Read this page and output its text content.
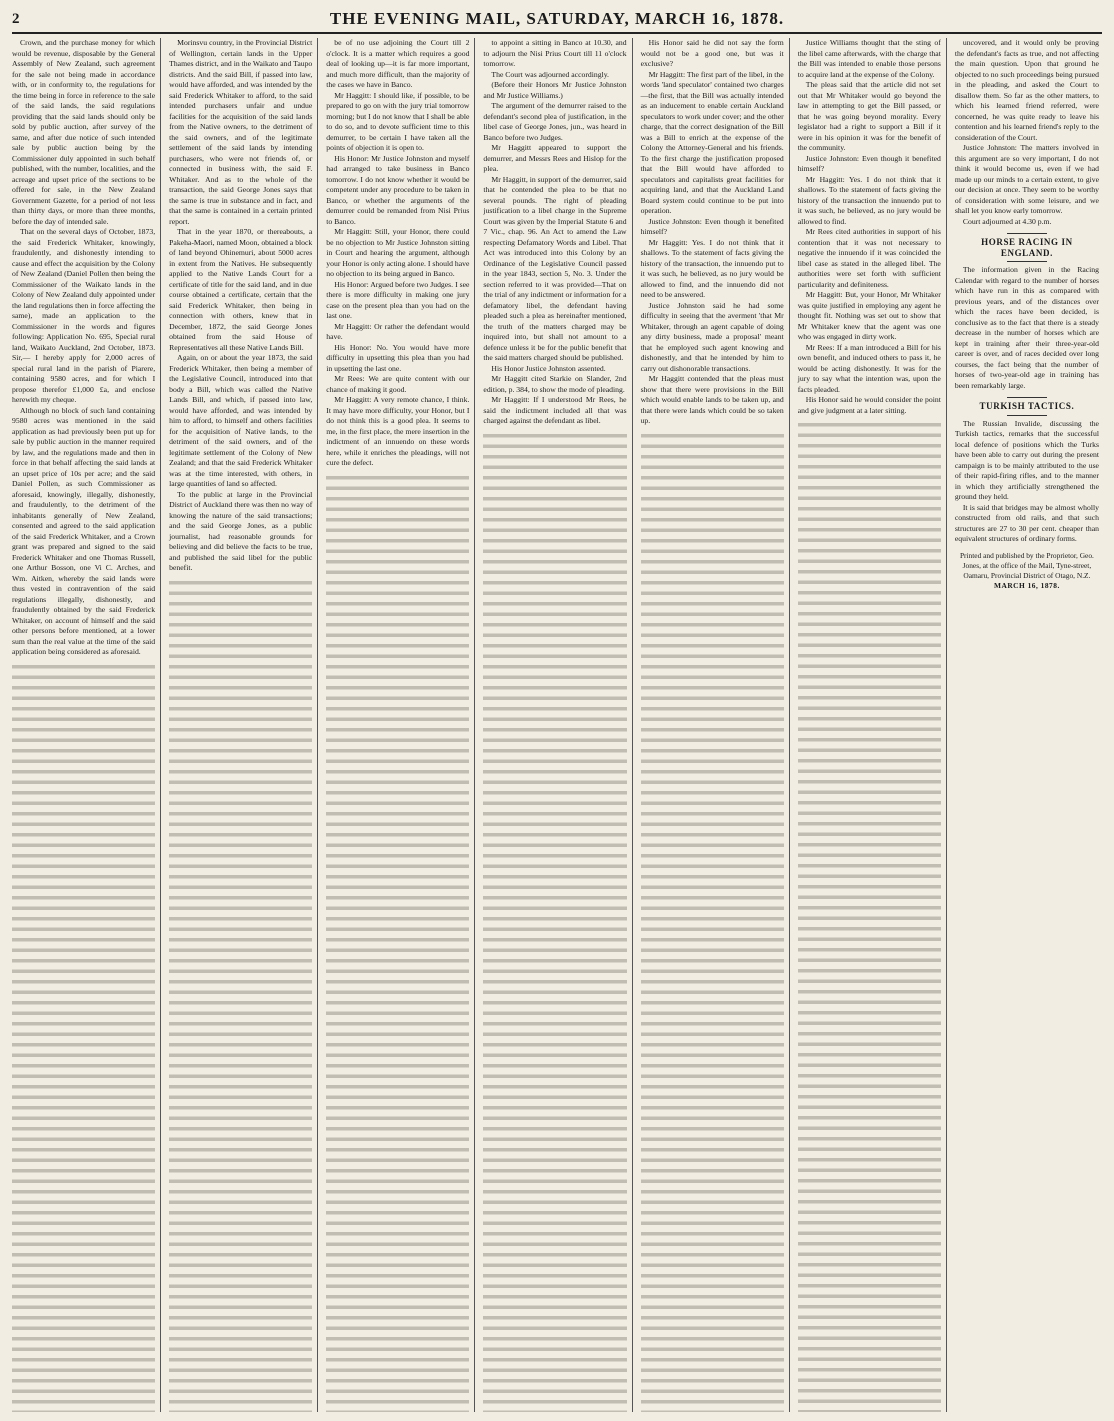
2	THE EVENING MAIL, SATURDAY, MARCH 16, 1878.

Crown, and the purchase money for which would be revenue, disposable by the General Assembly of New Zealand, such agreement for the sale not being made in accordance with, or in conformity to, the regulations for the time being in force in reference to the sale of the said lands, the said regulations providing that the said lands should only be sold by public auction, after survey of the same, and after due notice of such intended sale by public auction being by the Commissioner duly appointed in such behalf published, with the number, localities, and the acreage and upset price of the sections to be offered for sale, in the New Zealand Government Gazette, for a period of not less than thirty days, or more than three months, before the day of intended sale.

That on the several days of October, 1873, the said Frederick Whitaker, knowingly, fraudulently, and dishonestly intending to cause and effect the acquisition by the Colony of New Zealand (Daniel Pollen then being the Commissioner of the Waikato lands in the Colony of New Zealand duly appointed under the land regulations then in force affecting the same), made an application to the Commissioner in the words and figures following: Application No. 695, Special rural land, Waikato Auckland, 2nd October, 1873. Sir,— I hereby apply for 2,000 acres of special rural land in the parish of Piarere, containing 9580 acres, and for which I propose therefor £1,000 £a, and enclose herewith my cheque.

Although no block of such land containing 9580 acres was mentioned in the said application as had previously been put up for sale by public auction in the manner required by law, and the regulations made and then in force in that behalf affecting the said lands at an upset price of 10s per acre; and the said Daniel Pollen, as such Commissioner as aforesaid, knowingly, illegally, dishonestly, and fraudulently, to the detriment of the inhabitants generally of New Zealand, consented and agreed to the said application of the said Frederick Whitaker, and a Crown grant was prepared and signed to the said Frederick Whitaker and one Thomas Russell, one Arthur Bosson, one Vi C. Arches, and Wm. Aitken, whereby the said lands were thus vested in contravention of the said regulations illegally, dishonestly, and fraudulently obtained by the said Frederick Whitaker, on account of himself and the said other persons before mentioned, at a lower sum than the real value at the time of the said application being considered as aforesaid.

Morinsvu country, in the Provincial District of Wellington, certain lands in the Upper Thames district, and in the Waikato and Taupo districts. And the said Bill, if passed into law, would have afforded, and was intended by the said Frederick Whitaker to afford, to the said intended purchasers unfair and undue facilities for the acquisition of the said lands from the Native owners, to the detriment of the said owners, and of the legitimate settlement of the said lands by intending purchasers, who were not friends of, or connected in business with, the said F. Whitaker. And as to the whole of the transaction, the said George Jones says that the same is true in substance and in fact, and that the same is contained in a certain printed report.

That in the year 1870, or thereabouts, a Pakeha-Maori, named Moon, obtained a block of land beyond Ohinemuri, about 5000 acres in extent from the Natives. He subsequently applied to the Native Lands Court for a certificate of title for the said land, and in due course obtained a certificate, certain that the said Frederick Whitaker, then being in connection with others, knew that in December, 1872, the said George Jones obtained from the said House of Representatives all these Native Lands Bill.

Again, on or about the year 1873, the said Frederick Whitaker, then being a member of the Legislative Council, introduced into that body a Bill, which was called the Native Lands Bill, and which, if passed into law, would have afforded, and was intended by him to afford, to himself and others facilities for the acquisition of Native lands, to the detriment of the said owners, and of the legitimate settlement of the Colony of New Zealand; and that the said Frederick Whitaker was at the time interested, with others, in large quantities of land so affected.

To the public at large in the Provincial District of Auckland there was then no way of knowing the nature of the said transactions; and the said George Jones, as a public journalist, had reasonable grounds for believing and did believe the facts to be true, and published the said libel for the public benefit.

be of no use adjoining the Court till 2 o'clock. It is a matter which requires a good deal of looking up—it is far more important, and much more difficult, than the majority of the cases we have in Banco.

Mr Haggitt: I should like, if possible, to be prepared to go on with the jury trial tomorrow morning; but I do not know that I shall be able to do so, and to devote sufficient time to this demurrer, to be certain I have taken all the points of objection it is open to.

His Honor: Mr Justice Johnston and myself had arranged to take business in Banco tomorrow. I do not know whether it would be competent under any procedure to be taken in Banco, or whether the arguments of the demurrer could be remanded from Nisi Prius to Banco.

Mr Haggitt: Still, your Honor, there could be no objection to Mr Justice Johnston sitting in Court and hearing the argument, although your Honor is only acting alone. I should have no objection to its being argued in Banco.

His Honor: Argued before two Judges. I see there is more difficulty in making one jury case on the present plea than you had on the last one.

Mr Haggitt: Or rather the defendant would have.

His Honor: No. You would have more difficulty in upsetting this plea than you had in upsetting the last one.

Mr Rees: We are quite content with our chance of making it good.

Mr Haggitt: A very remote chance, I think. It may have more difficulty, your Honor, but I do not think this is a good plea. It seems to me, in the first place, the mere insertion in the indictment of an innuendo on these words here, while it enriches the pleadings, will not cure the defect.

to appoint a sitting in Banco at 10.30, and to adjourn the Nisi Prius Court till 11 o'clock tomorrow.

The Court was adjourned accordingly.

(Before their Honors Mr Justice Johnston and Mr Justice Williams.)

The argument of the demurrer raised to the defendant's second plea of justification, in the libel case of George Jones, jun., was heard in Banco before two Judges.

Mr Haggitt appeared to support the demurrer, and Messrs Rees and Hislop for the plea.

Mr Haggitt, in support of the demurrer, said that he contended the plea to be that no several pounds. The right of pleading justification to a libel charge in the Supreme Court was given by the Imperial Statute 6 and 7 Vic., chap. 96. An Act to amend the Law respecting Defamatory Words and Libel. That Act was introduced into this Colony by an Ordinance of the Legislative Council passed in the year 1843, section 5, No. 3. Under the section referred to it was provided—That on the trial of any indictment or information for a defamatory libel, the defendant having pleaded such a plea as hereinafter mentioned, the truth of the matters charged may be inquired into, but shall not amount to a defence unless it be for the public benefit that the said matters charged should be published.

His Honor Justice Johnston assented.

Mr Haggitt cited Starkie on Slander, 2nd edition, p. 384, to show the mode of pleading.

Mr Haggitt: If I understood Mr Rees, he said the indictment included all that was charged against the defendant as libel.

His Honor said he did not say the form would not be a good one, but was it exclusive?

Mr Haggitt: The first part of the libel, in the words 'land speculator' contained two charges—the first, that the Bill was actually intended as an inducement to enable certain Auckland speculators to work under cover; and the other charge, that the correct designation of the Bill was a Bill to enrich at the expense of the Colony the Attorney-General and his friends. To the first charge the justification proposed that the Bill would have afforded to speculators and capitalists great facilities for acquiring land, and that the Auckland Land Board system could continue to be put into operation.

Justice Johnston: Even though it benefited himself?

Mr Haggitt: Yes. I do not think that it shallows. To the statement of facts giving the history of the transaction, the innuendo put to it was such, he believed, as no jury would be allowed to find, and the innuendo did not need to be answered.

Justice Johnston said he had some difficulty in seeing that the averment 'that Mr Whitaker, through an agent capable of doing any dirty business, made a proposal' meant that he employed such agent knowing and dishonestly, and that he intended by him to carry out dishonorable transactions.

Mr Haggitt contended that the pleas must show that there were provisions in the Bill which would enable lands to be taken up, and that there were lands which could be so taken up.

Justice Williams thought that the sting of the libel came afterwards, with the charge that the Bill was intended to enable those persons to acquire land at the expense of the Colony.

The pleas said that the article did not set out that Mr Whitaker would go beyond the law in attempting to get the Bill passed, or that he was going beyond morality. Every legislator had a right to support a Bill if it were in his opinion it was for the benefit of the community.

Justice Johnston: Even though it benefited himself?

Mr Haggitt: Yes. I do not think that it shallows. To the statement of facts giving the history of the transaction the innuendo put to it was such, he believed, as no jury would be allowed to find.

Mr Rees cited authorities in support of his contention that it was not necessary to negative the innuendo if it was coincided the libel case as stated in the alleged libel. The authorities were set forth with sufficient particularity and definiteness.

Mr Haggitt: But, your Honor, Mr Whitaker was quite justified in employing any agent he thought fit. Nothing was set out to show that Mr Whitaker knew that the agent was one who was engaged in dirty work.

Mr Rees: If a man introduced a Bill for his own benefit, and induced others to pass it, he would be acting dishonestly. It was for the jury to say what the intention was, upon the facts pleaded.

His Honor said he would consider the point and give judgment at a later sitting.

uncovered, and it would only be proving the defendant's facts as true, and not affecting the main question. Upon that ground he objected to no such proceedings being pursued in the pleading, and asked the Court to disallow them. So far as the other matters, to which his learned friend referred, were concerned, he was quite ready to leave his contention and his learned friend's reply to the consideration of the Court.

Justice Johnston: The matters involved in this argument are so very important, I do not think it would become us, even if we had made up our minds to a certain extent, to give our decision at once. They seem to be worthy of consideration with some leisure, and we shall let you know early tomorrow.

Court adjourned at 4.30 p.m.

HORSE RACING IN ENGLAND.

The information given in the Racing Calendar with regard to the number of horses which have run in this as compared with previous years, and of the distances over which the races have been decided, is conclusive as to the fact that there is a steady decrease in the number of horses which are kept in training after their three-year-old career is over, and of races decided over long courses, the fact being that the number of horses of two-year-old age in training has been remarkably large.

TURKISH TACTICS.

The Russian Invalide, discussing the Turkish tactics, remarks that the successful local defence of positions which the Turks have been able to carry out during the present campaign is to be mainly attributed to the use of their rapid-firing rifles, and to the manner in which they artificially strengthened the ground they held.

It is said that bridges may be almost wholly constructed from old rails, and that such structures are 27 to 30 per cent. cheaper than equivalent structures of ordinary forms.

Printed and published by the Proprietor, Geo. Jones, at the office of the Mail, Tyne-street, Oamaru, Provincial District of Otago, N.Z.
MARCH 16, 1878.
